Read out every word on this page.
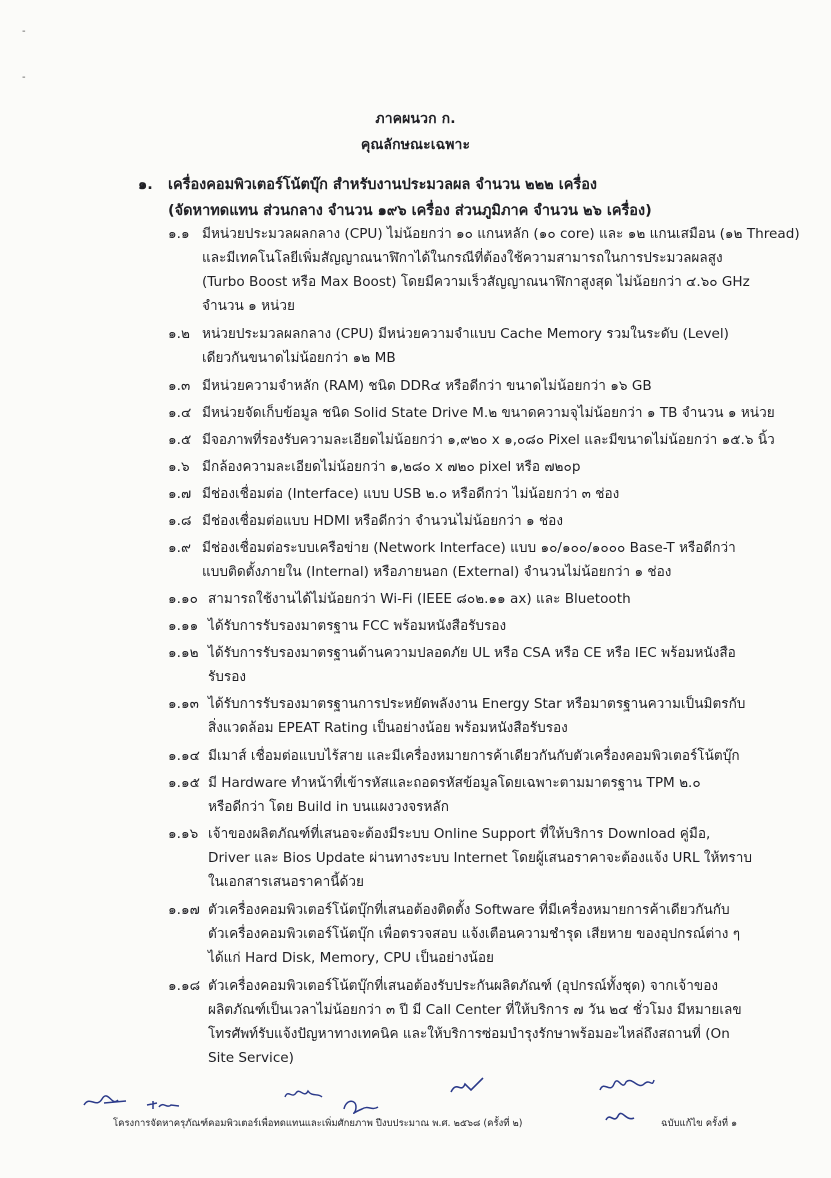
-
-
ภาคผนวก ก.
คุณลักษณะเฉพาะ
๑. เครื่องคอมพิวเตอร์โน้ตบุ๊ก สำหรับงานประมวลผล จำนวน ๒๒๒ เครื่อง
(จัดหาทดแทน ส่วนกลาง จำนวน ๑๙๖ เครื่อง ส่วนภูมิภาค จำนวน ๒๖ เครื่อง)
๑.๑ มีหน่วยประมวลผลกลาง (CPU) ไม่น้อยกว่า ๑๐ แกนหลัก (๑๐ core) และ ๑๒ แกนเสมือน (๑๒ Thread)
และมีเทคโนโลยีเพิ่มสัญญาณนาฬิกาได้ในกรณีที่ต้องใช้ความสามารถในการประมวลผลสูง
(Turbo Boost หรือ Max Boost) โดยมีความเร็วสัญญาณนาฬิกาสูงสุด ไม่น้อยกว่า ๔.๖๐ GHz
จำนวน ๑ หน่วย
๑.๒ หน่วยประมวลผลกลาง (CPU) มีหน่วยความจำแบบ Cache Memory รวมในระดับ (Level)
เดียวกันขนาดไม่น้อยกว่า ๑๒ MB
๑.๓ มีหน่วยความจำหลัก (RAM) ชนิด DDR๔ หรือดีกว่า ขนาดไม่น้อยกว่า ๑๖ GB
๑.๔ มีหน่วยจัดเก็บข้อมูล ชนิด Solid State Drive M.๒ ขนาดความจุไม่น้อยกว่า ๑ TB จำนวน ๑ หน่วย
๑.๕ มีจอภาพที่รองรับความละเอียดไม่น้อยกว่า ๑,๙๒๐ x ๑,๐๘๐ Pixel และมีขนาดไม่น้อยกว่า ๑๕.๖ นิ้ว
๑.๖ มีกล้องความละเอียดไม่น้อยกว่า ๑,๒๘๐ x ๗๒๐ pixel หรือ ๗๒๐p
๑.๗ มีช่องเชื่อมต่อ (Interface) แบบ USB ๒.๐ หรือดีกว่า ไม่น้อยกว่า ๓ ช่อง
๑.๘ มีช่องเชื่อมต่อแบบ HDMI หรือดีกว่า จำนวนไม่น้อยกว่า ๑ ช่อง
๑.๙ มีช่องเชื่อมต่อระบบเครือข่าย (Network Interface) แบบ ๑๐/๑๐๐/๑๐๐๐ Base-T หรือดีกว่า
แบบติดตั้งภายใน (Internal) หรือภายนอก (External) จำนวนไม่น้อยกว่า ๑ ช่อง
๑.๑๐ สามารถใช้งานได้ไม่น้อยกว่า Wi-Fi (IEEE ๘๐๒.๑๑ ax) และ Bluetooth
๑.๑๑ ได้รับการรับรองมาตรฐาน FCC พร้อมหนังสือรับรอง
๑.๑๒ ได้รับการรับรองมาตรฐานด้านความปลอดภัย UL หรือ CSA หรือ CE หรือ IEC พร้อมหนังสือ
รับรอง
๑.๑๓ ได้รับการรับรองมาตรฐานการประหยัดพลังงาน Energy Star หรือมาตรฐานความเป็นมิตรกับ
สิ่งแวดล้อม EPEAT Rating เป็นอย่างน้อย พร้อมหนังสือรับรอง
๑.๑๔ มีเมาส์ เชื่อมต่อแบบไร้สาย และมีเครื่องหมายการค้าเดียวกันกับตัวเครื่องคอมพิวเตอร์โน้ตบุ๊ก
๑.๑๕ มี Hardware ทำหน้าที่เข้ารหัสและถอดรหัสข้อมูลโดยเฉพาะตามมาตรฐาน TPM ๒.๐
หรือดีกว่า โดย Build in บนแผงวงจรหลัก
๑.๑๖ เจ้าของผลิตภัณฑ์ที่เสนอจะต้องมีระบบ Online Support ที่ให้บริการ Download คู่มือ,
Driver และ Bios Update ผ่านทางระบบ Internet โดยผู้เสนอราคาจะต้องแจ้ง URL ให้ทราบ
ในเอกสารเสนอราคานี้ด้วย
๑.๑๗ ตัวเครื่องคอมพิวเตอร์โน้ตบุ๊กที่เสนอต้องติดตั้ง Software ที่มีเครื่องหมายการค้าเดียวกันกับ
ตัวเครื่องคอมพิวเตอร์โน้ตบุ๊ก เพื่อตรวจสอบ แจ้งเตือนความชำรุด เสียหาย ของอุปกรณ์ต่าง ๆ
ได้แก่ Hard Disk, Memory, CPU เป็นอย่างน้อย
๑.๑๘ ตัวเครื่องคอมพิวเตอร์โน้ตบุ๊กที่เสนอต้องรับประกันผลิตภัณฑ์ (อุปกรณ์ทั้งชุด) จากเจ้าของ
ผลิตภัณฑ์เป็นเวลาไม่น้อยกว่า ๓ ปี มี Call Center ที่ให้บริการ ๗ วัน ๒๔ ชั่วโมง มีหมายเลข
โทรศัพท์รับแจ้งปัญหาทางเทคนิค และให้บริการซ่อมบำรุงรักษาพร้อมอะไหล่ถึงสถานที่ (On
Site Service)
โครงการจัดหาครุภัณฑ์คอมพิวเตอร์เพื่อทดแทนและเพิ่มศักยภาพ ปีงบประมาณ พ.ศ. ๒๕๖๘ (ครั้งที่ ๒)	ฉบับแก้ไข ครั้งที่ ๑
